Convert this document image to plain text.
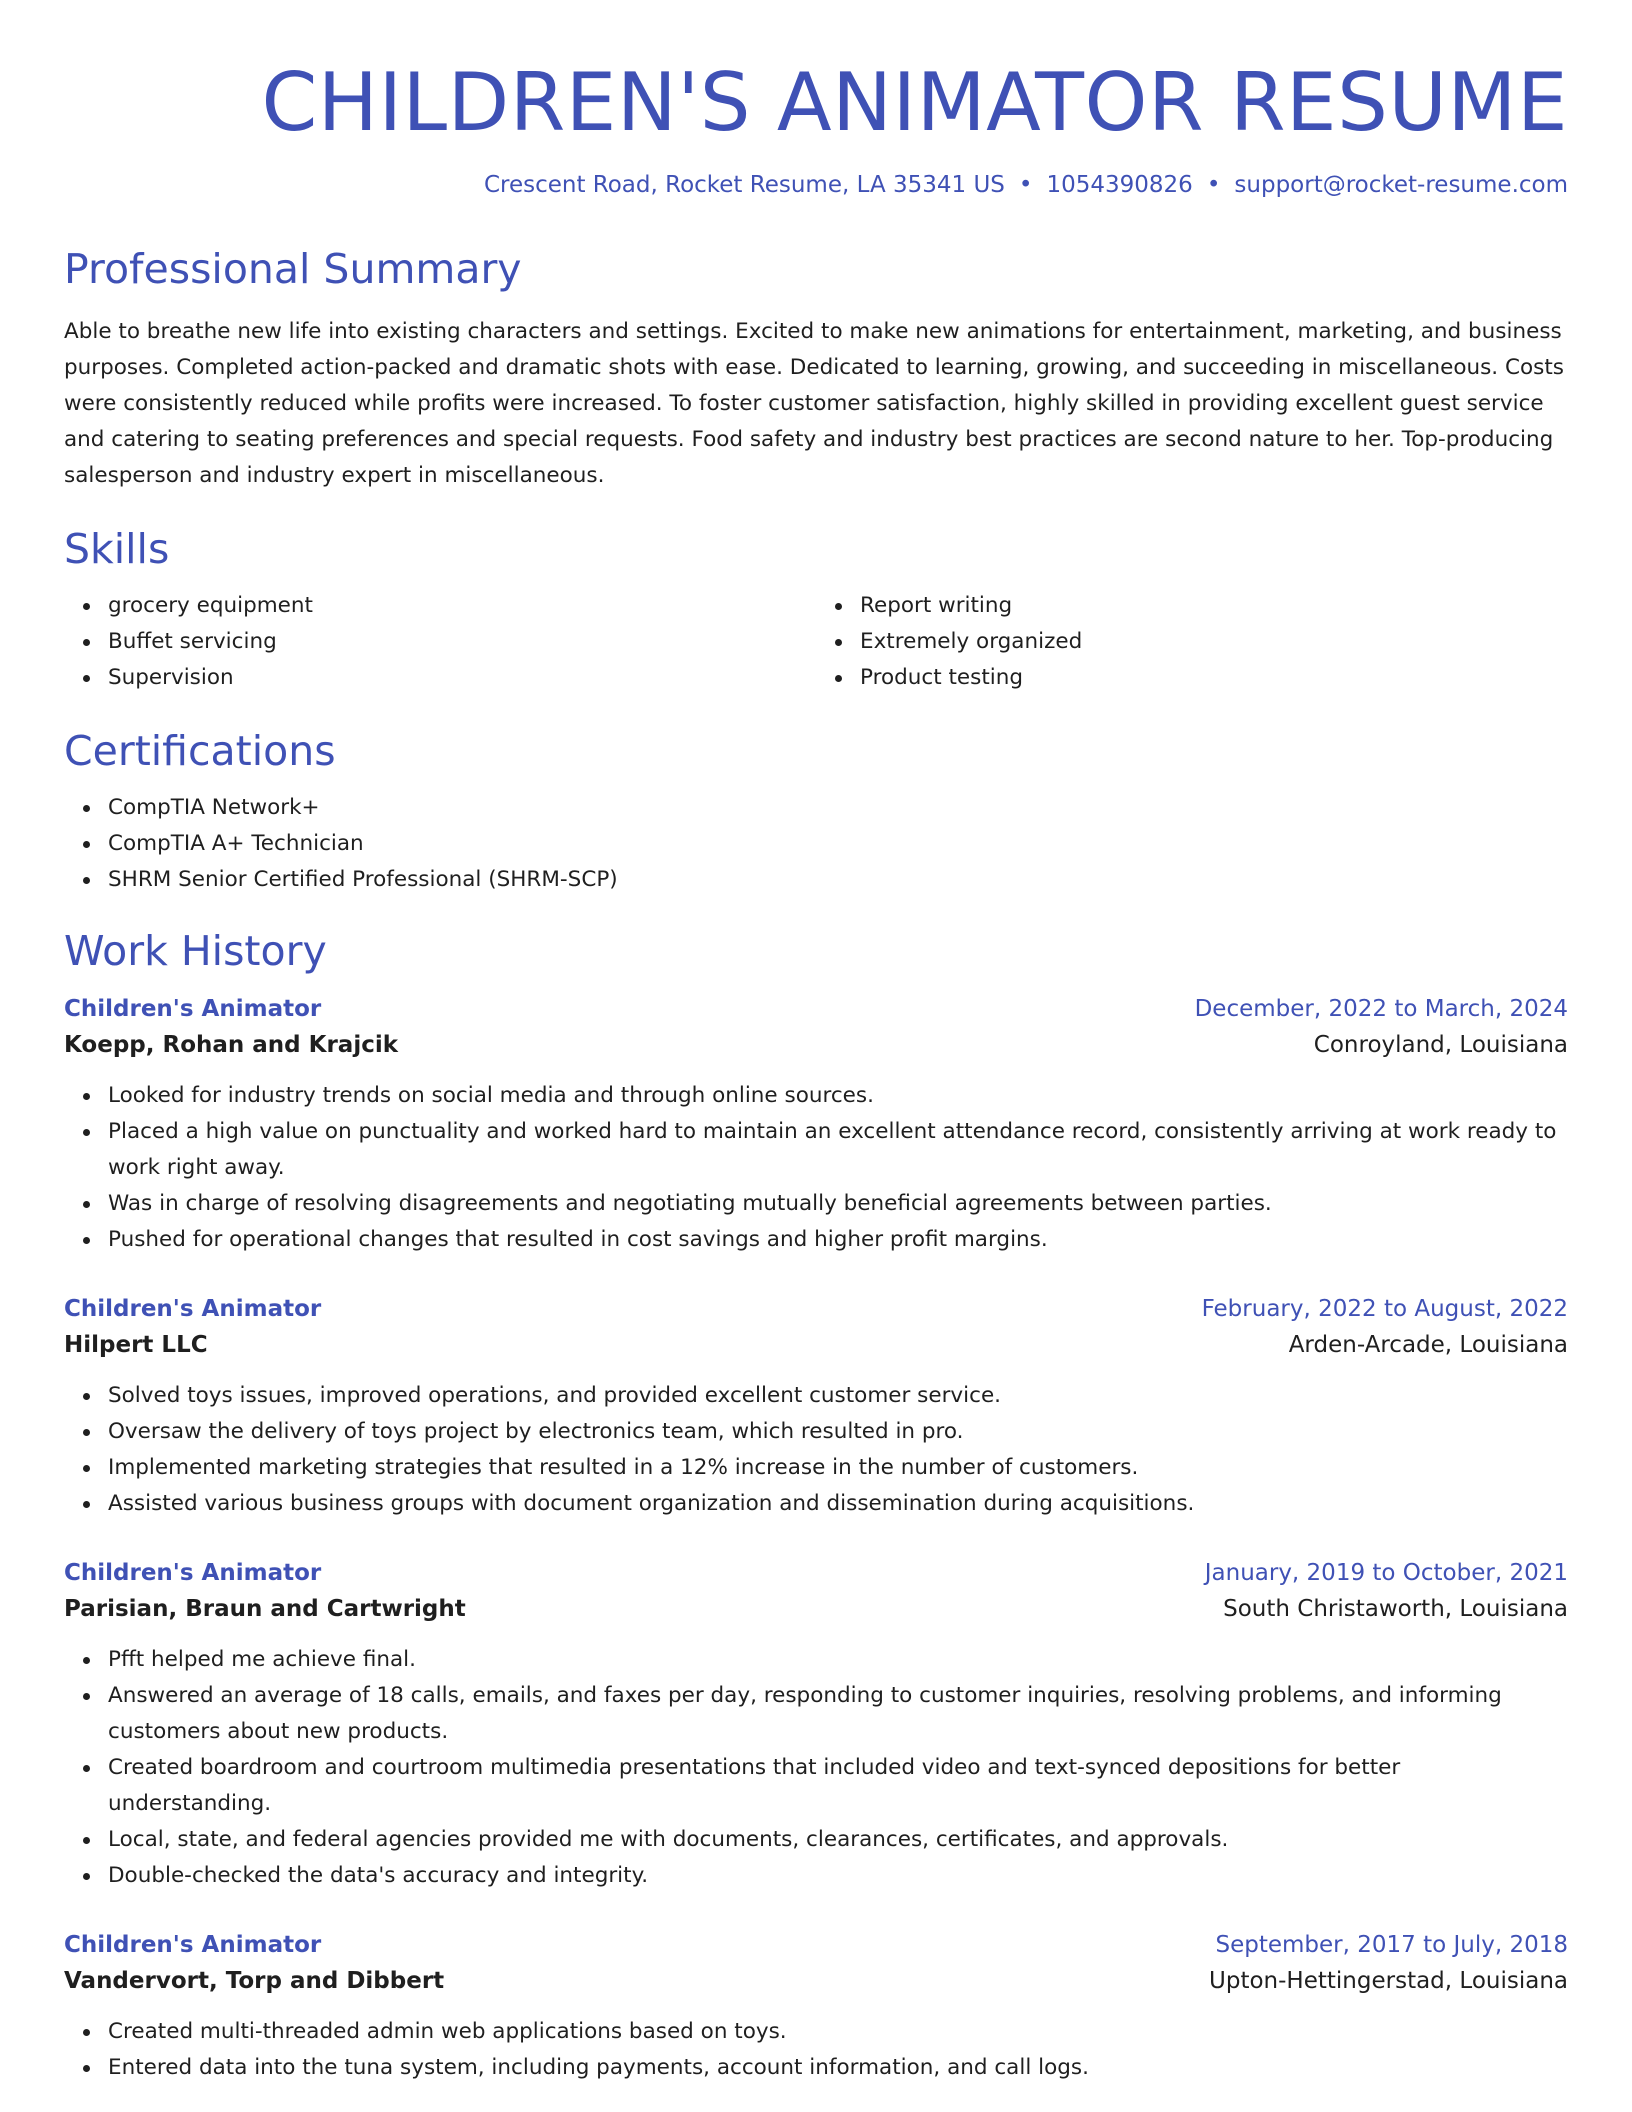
CHILDREN'S ANIMATOR RESUME
Crescent Road, Rocket Resume, LA 35341 US • 1054390826 • support@rocket-resume.com
Professional Summary

Able to breathe new life into existing characters and settings. Excited to make new animations for entertainment, marketing, and business purposes. Completed action-packed and dramatic shots with ease. Dedicated to learning, growing, and succeeding in miscellaneous. Costs were consistently reduced while profits were increased. To foster customer satisfaction, highly skilled in providing excellent guest service and catering to seating preferences and special requests. Food safety and industry best practices are second nature to her. Top-producing salesperson and industry expert in miscellaneous.

Skills
grocery equipment
Buffet servicing
Supervision
Report writing
Extremely organized
Product testing
Certifications
CompTIA Network+
CompTIA A+ Technician
SHRM Senior Certified Professional (SHRM-SCP)
Work History
Children's Animator	December, 2022 to March, 2024
Koepp, Rohan and Krajcik	Conroyland, Louisiana
Looked for industry trends on social media and through online sources.
Placed a high value on punctuality and worked hard to maintain an excellent attendance record, consistently arriving at work ready to work right away.
Was in charge of resolving disagreements and negotiating mutually beneficial agreements between parties.
Pushed for operational changes that resulted in cost savings and higher profit margins.
Children's Animator	February, 2022 to August, 2022
Hilpert LLC	Arden-Arcade, Louisiana
Solved toys issues, improved operations, and provided excellent customer service.
Oversaw the delivery of toys project by electronics team, which resulted in pro.
Implemented marketing strategies that resulted in a 12% increase in the number of customers.
Assisted various business groups with document organization and dissemination during acquisitions.
Children's Animator	January, 2019 to October, 2021
Parisian, Braun and Cartwright	South Christaworth, Louisiana
Pfft helped me achieve final.
Answered an average of 18 calls, emails, and faxes per day, responding to customer inquiries, resolving problems, and informing customers about new products.
Created boardroom and courtroom multimedia presentations that included video and text-synced depositions for better understanding.
Local, state, and federal agencies provided me with documents, clearances, certificates, and approvals.
Double-checked the data's accuracy and integrity.
Children's Animator	September, 2017 to July, 2018
Vandervort, Torp and Dibbert	Upton-Hettingerstad, Louisiana
Created multi-threaded admin web applications based on toys.
Entered data into the tuna system, including payments, account information, and call logs.
